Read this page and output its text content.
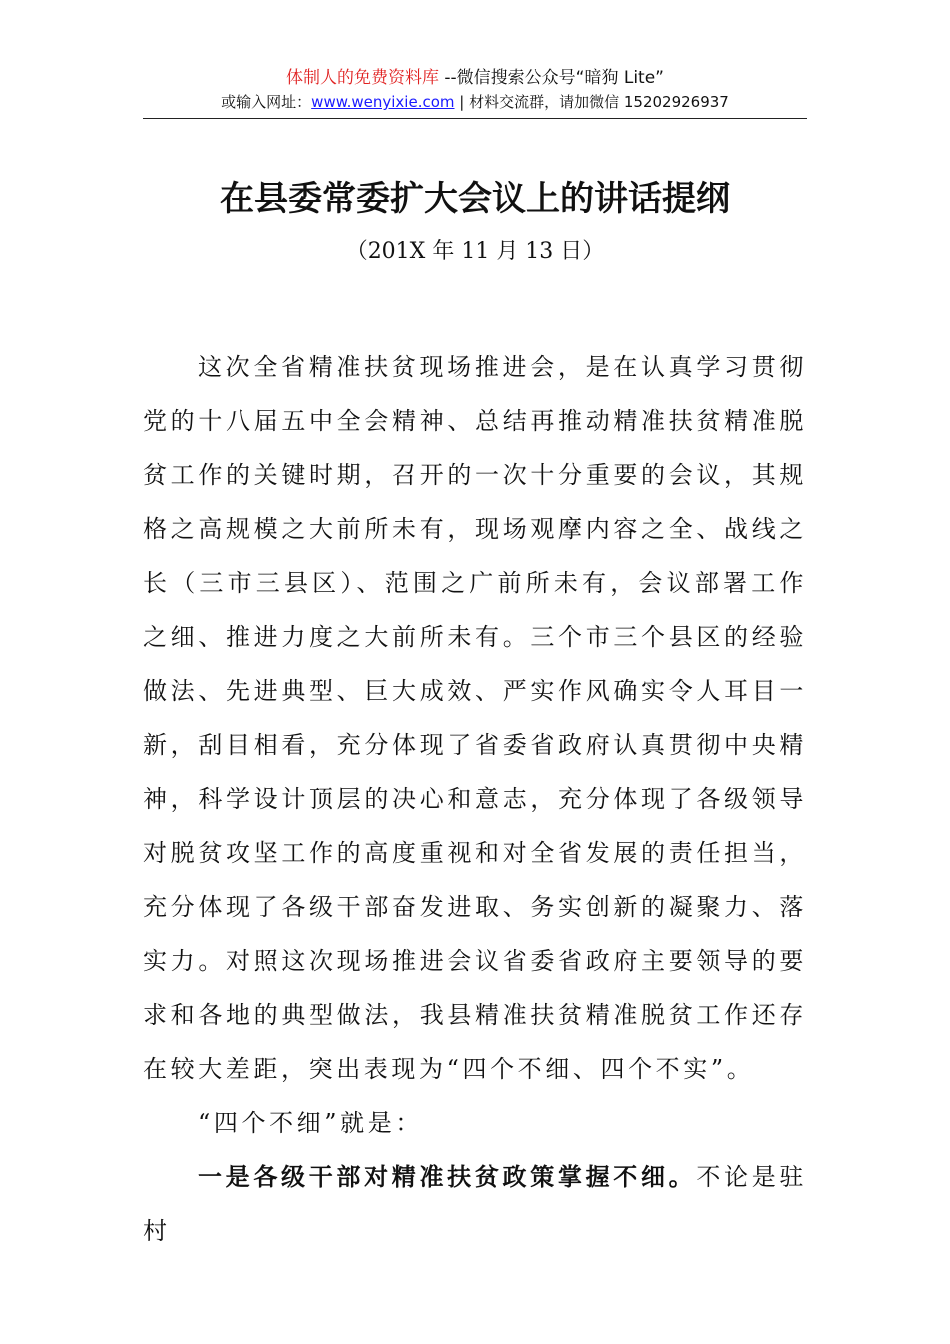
体制人的免费资料库 --微信搜索公众号“暗狗 Lite”
或输入网址：www.wenyixie.com | 材料交流群，请加微信 15202926937
在县委常委扩大会议上的讲话提纲
（201X 年 11 月 13 日）

这次全省精准扶贫现场推进会，是在认真学习贯彻党的十八届五中全会精神、总结再推动精准扶贫精准脱贫工作的关键时期，召开的一次十分重要的会议，其规格之高规模之大前所未有，现场观摩内容之全、战线之长（三市三县区）、范围之广前所未有，会议部署工作之细、推进力度之大前所未有。三个市三个县区的经验做法、先进典型、巨大成效、严实作风确实令人耳目一新，刮目相看，充分体现了省委省政府认真贯彻中央精神，科学设计顶层的决心和意志，充分体现了各级领导对脱贫攻坚工作的高度重视和对全省发展的责任担当，充分体现了各级干部奋发进取、务实创新的凝聚力、落实力。对照这次现场推进会议省委省政府主要领导的要求和各地的典型做法，我县精准扶贫精准脱贫工作还存在较大差距，突出表现为“四个不细、四个不实”。

“四个不细”就是：

一是各级干部对精准扶贫政策掌握不细。不论是驻村
